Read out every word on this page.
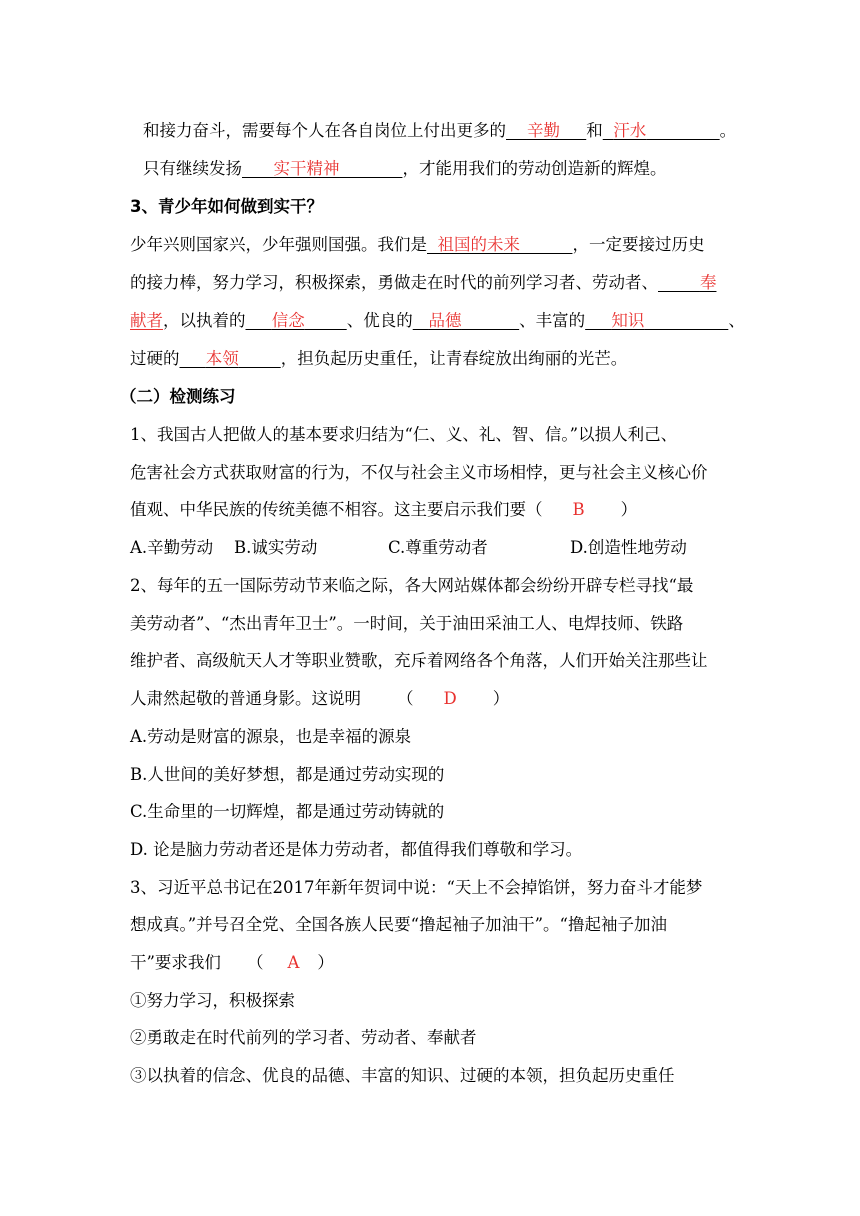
和接力奋斗，需要每个人在各自岗位上付出更多的 辛勤 和 汗水	。
只有继续发扬 实干精神	，才能用我们的劳动创造新的辉煌。
3、青少年如何做到实干？
少年兴则国家兴，少年强则国强。我们是 祖国的未来	，一定要接过历史
的接力棒，努力学习，积极探索，勇做走在时代的前列学习者、劳动者、	奉
献者，以执着的 信念	、优良的 品德	、丰富的 知识	、
过硬的 本领	，担负起历史重任，让青春绽放出绚丽的光芒。
（二）检测练习
1、我国古人把做人的基本要求归结为“仁、义、礼、智、信。”以损人利己、
危害社会方式获取财富的行为，不仅与社会主义市场相悖，更与社会主义核心价
值观、中华民族的传统美德不相容。这主要启示我们要（ B ）
A.辛勤劳动 B.诚实劳动	C.尊重劳动者	D.创造性地劳动
2、每年的五一国际劳动节来临之际，各大网站媒体都会纷纷开辟专栏寻找“最
美劳动者”、“杰出青年卫士”。一时间，关于油田采油工人、电焊技师、铁路
维护者、高级航天人才等职业赞歌，充斥着网络各个角落，人们开始关注那些让
人肃然起敬的普通身影。这说明 （ D ）
A.劳动是财富的源泉，也是幸福的源泉
B.人世间的美好梦想，都是通过劳动实现的
C.生命里的一切辉煌，都是通过劳动铸就的
D. 论是脑力劳动者还是体力劳动者，都值得我们尊敬和学习。
3、习近平总书记在2017年新年贺词中说：“天上不会掉馅饼，努力奋斗才能梦
想成真。”并号召全党、全国各族人民要“撸起袖子加油干”。“撸起袖子加油
干”要求我们 （ A ）
①努力学习，积极探索
②勇敢走在时代前列的学习者、劳动者、奉献者
③以执着的信念、优良的品德、丰富的知识、过硬的本领，担负起历史重任
